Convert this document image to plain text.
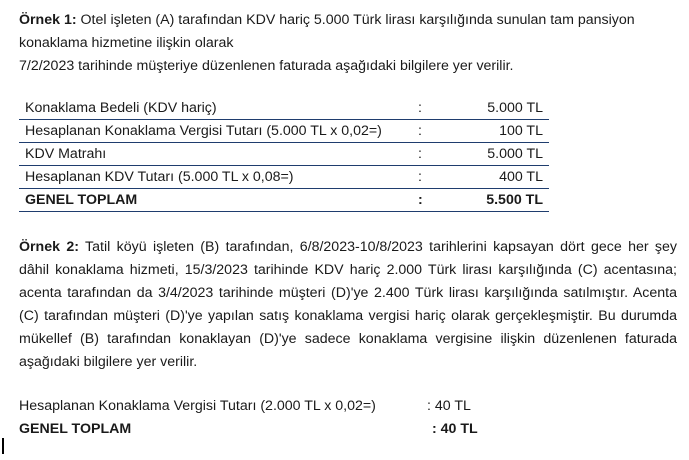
Örnek 1: Otel işleten (A) tarafından KDV hariç 5.000 Türk lirası karşılığında sunulan tam pansiyon
konaklama hizmetine ilişkin olarak
7/2/2023 tarihinde müşteriye düzenlenen faturada aşağıdaki bilgilere yer verilir.

Konaklama Bedeli (KDV hariç)	:	5.000 TL
Hesaplanan Konaklama Vergisi Tutarı (5.000 TL x 0,02=)	:	100 TL
KDV Matrahı	:	5.000 TL
Hesaplanan KDV Tutarı (5.000 TL x 0,08=)	:	400 TL
GENEL TOPLAM	:	5.500 TL
Örnek 2: Tatil köyü işleten (B) tarafından, 6/8/2023-10/8/2023 tarihlerini kapsayan dört gece her şey
dâhil konaklama hizmeti, 15/3/2023 tarihinde KDV hariç 2.000 Türk lirası karşılığında (C) acentasına;
acenta tarafından da 3/4/2023 tarihinde müşteri (D)'ye 2.400 Türk lirası karşılığında satılmıştır. Acenta
(C) tarafından müşteri (D)'ye yapılan satış konaklama vergisi hariç olarak gerçekleşmiştir. Bu durumda
mükellef (B) tarafından konaklayan (D)'ye sadece konaklama vergisine ilişkin düzenlenen faturada
aşağıdaki bilgilere yer verilir.
Hesaplanan Konaklama Vergisi Tutarı (2.000 TL x 0,02=)	: 40 TL
GENEL TOPLAM	: 40 TL
